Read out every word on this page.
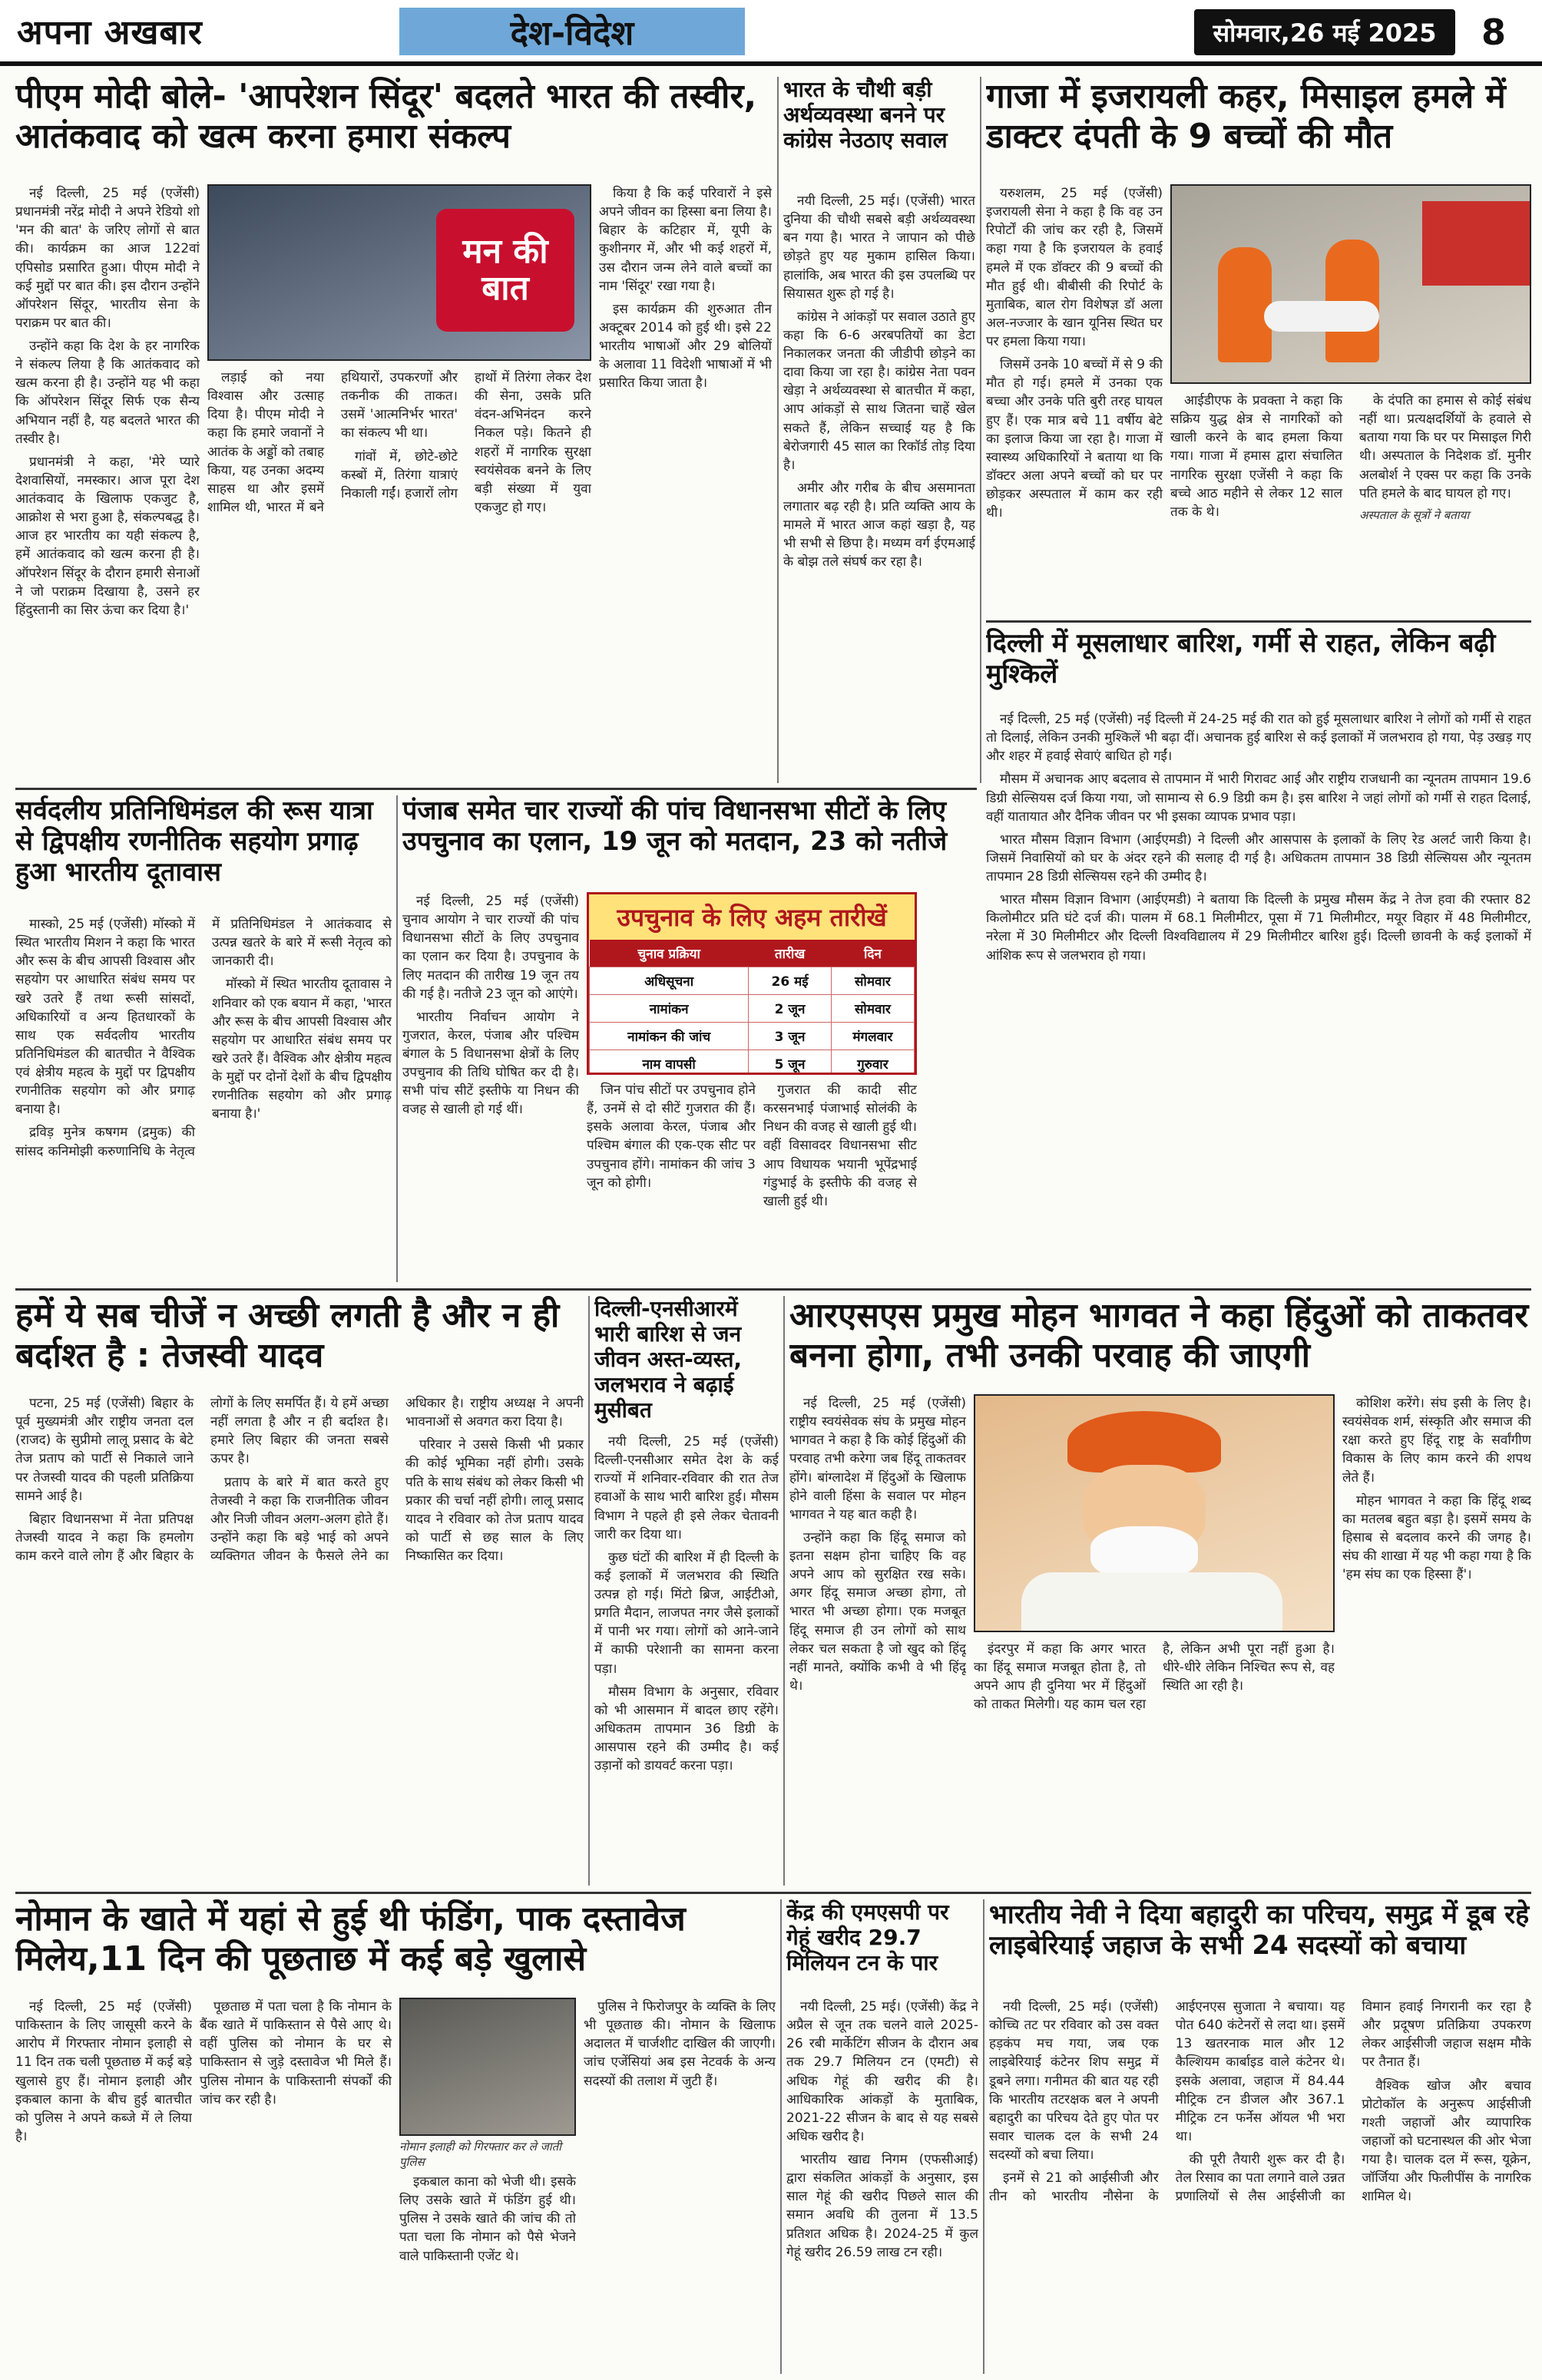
अपना अखबार	देश-विदेश	सोमवार,26 मई 2025	8
पीएम मोदी बोले- 'आपरेशन सिंदूर' बदलते भारत की तस्वीर, आतंकवाद को खत्म करना हमारा संकल्प
मन की बात

नई दिल्ली, 25 मई (एजेंसी) प्रधानमंत्री नरेंद्र मोदी ने अपने रेडियो शो 'मन की बात' के जरिए लोगों से बात की। कार्यक्रम का आज 122वां एपिसोड प्रसारित हुआ। पीएम मोदी ने कई मुद्दों पर बात की। इस दौरान उन्होंने ऑपरेशन सिंदूर, भारतीय सेना के पराक्रम पर बात की।

उन्होंने कहा कि देश के हर नागरिक ने संकल्प लिया है कि आतंकवाद को खत्म करना ही है। उन्होंने यह भी कहा कि ऑपरेशन सिंदूर सिर्फ एक सैन्य अभियान नहीं है, यह बदलते भारत की तस्वीर है।

प्रधानमंत्री ने कहा, 'मेरे प्यारे देशवासियों, नमस्कार। आज पूरा देश आतंकवाद के खिलाफ एकजुट है, आक्रोश से भरा हुआ है, संकल्पबद्ध है। आज हर भारतीय का यही संकल्प है, हमें आतंकवाद को खत्म करना ही है। ऑपरेशन सिंदूर के दौरान हमारी सेनाओं ने जो पराक्रम दिखाया है, उसने हर हिंदुस्तानी का सिर ऊंचा कर दिया है।'

लड़ाई को नया विश्वास और उत्साह दिया है। पीएम मोदी ने कहा कि हमारे जवानों ने आतंक के अड्डों को तबाह किया, यह उनका अदम्य साहस था और इसमें शामिल थी, भारत में बने हथियारों, उपकरणों और तकनीक की ताकत। उसमें 'आत्मनिर्भर भारत' का संकल्प भी था।

गांवों में, छोटे-छोटे कस्बों में, तिरंगा यात्राएं निकाली गईं। हजारों लोग हाथों में तिरंगा लेकर देश की सेना, उसके प्रति वंदन-अभिनंदन करने निकल पड़े। कितने ही शहरों में नागरिक सुरक्षा स्वयंसेवक बनने के लिए बड़ी संख्या में युवा एकजुट हो गए।

किया है कि कई परिवारों ने इसे अपने जीवन का हिस्सा बना लिया है। बिहार के कटिहार में, यूपी के कुशीनगर में, और भी कई शहरों में, उस दौरान जन्म लेने वाले बच्चों का नाम 'सिंदूर' रखा गया है।

इस कार्यक्रम की शुरुआत तीन अक्टूबर 2014 को हुई थी। इसे 22 भारतीय भाषाओं और 29 बोलियों के अलावा 11 विदेशी भाषाओं में भी प्रसारित किया जाता है।

भारत के चौथी बड़ी अर्थव्यवस्था बनने पर कांग्रेस नेउठाए सवाल

नयी दिल्ली, 25 मई। (एजेंसी) भारत दुनिया की चौथी सबसे बड़ी अर्थव्यवस्था बन गया है। भारत ने जापान को पीछे छोड़ते हुए यह मुकाम हासिल किया। हालांकि, अब भारत की इस उपलब्धि पर सियासत शुरू हो गई है।

कांग्रेस ने आंकड़ों पर सवाल उठाते हुए कहा कि 6-6 अरबपतियों का डेटा निकालकर जनता की जीडीपी छोड़ने का दावा किया जा रहा है। कांग्रेस नेता पवन खेड़ा ने अर्थव्यवस्था से बातचीत में कहा, आप आंकड़ों से साथ जितना चाहें खेल सकते हैं, लेकिन सच्चाई यह है कि बेरोजगारी 45 साल का रिकॉर्ड तोड़ दिया है।

अमीर और गरीब के बीच असमानता लगातार बढ़ रही है। प्रति व्यक्ति आय के मामले में भारत आज कहां खड़ा है, यह भी सभी से छिपा है। मध्यम वर्ग ईएमआई के बोझ तले संघर्ष कर रहा है।

गाजा में इजरायली कहर, मिसाइल हमले में डाक्टर दंपती के 9 बच्चों की मौत

यरुशलम, 25 मई (एजेंसी) इजरायली सेना ने कहा है कि वह उन रिपोर्टों की जांच कर रही है, जिसमें कहा गया है कि इजरायल के हवाई हमले में एक डॉक्टर की 9 बच्चों की मौत हुई थी। बीबीसी की रिपोर्ट के मुताबिक, बाल रोग विशेषज्ञ डॉ अला अल-नज्जार के खान यूनिस स्थित घर पर हमला किया गया।

जिसमें उनके 10 बच्चों में से 9 की मौत हो गई। हमले में उनका एक बच्चा और उनके पति बुरी तरह घायल हुए हैं। एक मात्र बचे 11 वर्षीय बेटे का इलाज किया जा रहा है। गाजा में स्वास्थ्य अधिकारियों ने बताया था कि डॉक्टर अला अपने बच्चों को घर पर छोड़कर अस्पताल में काम कर रही थी।

आईडीएफ के प्रवक्ता ने कहा कि सक्रिय युद्ध क्षेत्र से नागरिकों को खाली करने के बाद हमला किया गया। गाजा में हमास द्वारा संचालित नागरिक सुरक्षा एजेंसी ने कहा कि बच्चे आठ महीने से लेकर 12 साल तक के थे।

के दंपति का हमास से कोई संबंध नहीं था। प्रत्यक्षदर्शियों के हवाले से बताया गया कि घर पर मिसाइल गिरी थी। अस्पताल के निदेशक डॉ. मुनीर अलबोर्श ने एक्स पर कहा कि उनके पति हमले के बाद घायल हो गए।

अस्पताल के सूत्रों ने बताया
दिल्ली में मूसलाधार बारिश, गर्मी से राहत, लेकिन बढ़ी मुश्किलें

नई दिल्ली, 25 मई (एजेंसी) नई दिल्ली में 24-25 मई की रात को हुई मूसलाधार बारिश ने लोगों को गर्मी से राहत तो दिलाई, लेकिन उनकी मुश्किलें भी बढ़ा दीं। अचानक हुई बारिश से कई इलाकों में जलभराव हो गया, पेड़ उखड़ गए और शहर में हवाई सेवाएं बाधित हो गईं।

मौसम में अचानक आए बदलाव से तापमान में भारी गिरावट आई और राष्ट्रीय राजधानी का न्यूनतम तापमान 19.6 डिग्री सेल्सियस दर्ज किया गया, जो सामान्य से 6.9 डिग्री कम है। इस बारिश ने जहां लोगों को गर्मी से राहत दिलाई, वहीं यातायात और दैनिक जीवन पर भी इसका व्यापक प्रभाव पड़ा।

भारत मौसम विज्ञान विभाग (आईएमडी) ने दिल्ली और आसपास के इलाकों के लिए रेड अलर्ट जारी किया है। जिसमें निवासियों को घर के अंदर रहने की सलाह दी गई है। अधिकतम तापमान 38 डिग्री सेल्सियस और न्यूनतम तापमान 28 डिग्री सेल्सियस रहने की उम्मीद है।

भारत मौसम विज्ञान विभाग (आईएमडी) ने बताया कि दिल्ली के प्रमुख मौसम केंद्र ने तेज हवा की रफ्तार 82 किलोमीटर प्रति घंटे दर्ज की। पालम में 68.1 मिलीमीटर, पूसा में 71 मिलीमीटर, मयूर विहार में 48 मिलीमीटर, नरेला में 30 मिलीमीटर और दिल्ली विश्वविद्यालय में 29 मिलीमीटर बारिश हुई। दिल्ली छावनी के कई इलाकों में आंशिक रूप से जलभराव हो गया।

सर्वदलीय प्रतिनिधिमंडल की रूस यात्रा से द्विपक्षीय रणनीतिक सहयोग प्रगाढ़ हुआ भारतीय दूतावास

मास्को, 25 मई (एजेंसी) मॉस्को में स्थित भारतीय मिशन ने कहा कि भारत और रूस के बीच आपसी विश्वास और सहयोग पर आधारित संबंध समय पर खरे उतरे हैं तथा रूसी सांसदों, अधिकारियों व अन्य हितधारकों के साथ एक सर्वदलीय भारतीय प्रतिनिधिमंडल की बातचीत ने वैश्विक एवं क्षेत्रीय महत्व के मुद्दों पर द्विपक्षीय रणनीतिक सहयोग को और प्रगाढ़ बनाया है।

द्रविड़ मुनेत्र कषगम (द्रमुक) की सांसद कनिमोझी करुणानिधि के नेतृत्व में प्रतिनिधिमंडल ने आतंकवाद से उत्पन्न खतरे के बारे में रूसी नेतृत्व को जानकारी दी।

मॉस्को में स्थित भारतीय दूतावास ने शनिवार को एक बयान में कहा, 'भारत और रूस के बीच आपसी विश्वास और सहयोग पर आधारित संबंध समय पर खरे उतरे हैं। वैश्विक और क्षेत्रीय महत्व के मुद्दों पर दोनों देशों के बीच द्विपक्षीय रणनीतिक सहयोग को और प्रगाढ़ बनाया है।'

पंजाब समेत चार राज्यों की पांच विधानसभा सीटों के लिए उपचुनाव का एलान, 19 जून को मतदान, 23 को नतीजे

नई दिल्ली, 25 मई (एजेंसी) चुनाव आयोग ने चार राज्यों की पांच विधानसभा सीटों के लिए उपचुनाव का एलान कर दिया है। उपचुनाव के लिए मतदान की तारीख 19 जून तय की गई है। नतीजे 23 जून को आएंगे।

भारतीय निर्वाचन आयोग ने गुजरात, केरल, पंजाब और पश्चिम बंगाल के 5 विधानसभा क्षेत्रों के लिए उपचुनाव की तिथि घोषित कर दी है। सभी पांच सीटें इस्तीफे या निधन की वजह से खाली हो गई थीं।

उपचुनाव के लिए अहम तारीखें
चुनाव प्रक्रिया	तारीख	दिन
अधिसूचना	26 मई	सोमवार
नामांकन	2 जून	सोमवार
नामांकन की जांच	3 जून	मंगलवार
नाम वापसी	5 जून	गुरुवार

जिन पांच सीटों पर उपचुनाव होने हैं, उनमें से दो सीटें गुजरात की हैं। इसके अलावा केरल, पंजाब और पश्चिम बंगाल की एक-एक सीट पर उपचुनाव होंगे। नामांकन की जांच 3 जून को होगी।

गुजरात की कादी सीट करसनभाई पंजाभाई सोलंकी के निधन की वजह से खाली हुई थी। वहीं विसावदर विधानसभा सीट आप विधायक भयानी भूपेंद्रभाई गंडुभाई के इस्तीफे की वजह से खाली हुई थी।

हमें ये सब चीजें न अच्छी लगती है और न ही बर्दाश्त है : तेजस्वी यादव

पटना, 25 मई (एजेंसी) बिहार के पूर्व मुख्यमंत्री और राष्ट्रीय जनता दल (राजद) के सुप्रीमो लालू प्रसाद के बेटे तेज प्रताप को पार्टी से निकाले जाने पर तेजस्वी यादव की पहली प्रतिक्रिया सामने आई है।

बिहार विधानसभा में नेता प्रतिपक्ष तेजस्वी यादव ने कहा कि हमलोग काम करने वाले लोग हैं और बिहार के लोगों के लिए समर्पित हैं। ये हमें अच्छा नहीं लगता है और न ही बर्दाश्त है। हमारे लिए बिहार की जनता सबसे ऊपर है।

प्रताप के बारे में बात करते हुए तेजस्वी ने कहा कि राजनीतिक जीवन और निजी जीवन अलग-अलग होते हैं। उन्होंने कहा कि बड़े भाई को अपने व्यक्तिगत जीवन के फैसले लेने का अधिकार है। राष्ट्रीय अध्यक्ष ने अपनी भावनाओं से अवगत करा दिया है।

परिवार ने उससे किसी भी प्रकार की कोई भूमिका नहीं होगी। उसके पति के साथ संबंध को लेकर किसी भी प्रकार की चर्चा नहीं होगी। लालू प्रसाद यादव ने रविवार को तेज प्रताप यादव को पार्टी से छह साल के लिए निष्कासित कर दिया।

दिल्ली-एनसीआरमें भारी बारिश से जन जीवन अस्त-व्यस्त, जलभराव ने बढ़ाई मुसीबत

नयी दिल्ली, 25 मई (एजेंसी) दिल्ली-एनसीआर समेत देश के कई राज्यों में शनिवार-रविवार की रात तेज हवाओं के साथ भारी बारिश हुई। मौसम विभाग ने पहले ही इसे लेकर चेतावनी जारी कर दिया था।

कुछ घंटों की बारिश में ही दिल्ली के कई इलाकों में जलभराव की स्थिति उत्पन्न हो गई। मिंटो ब्रिज, आईटीओ, प्रगति मैदान, लाजपत नगर जैसे इलाकों में पानी भर गया। लोगों को आने-जाने में काफी परेशानी का सामना करना पड़ा।

मौसम विभाग के अनुसार, रविवार को भी आसमान में बादल छाए रहेंगे। अधिकतम तापमान 36 डिग्री के आसपास रहने की उम्मीद है। कई उड़ानों को डायवर्ट करना पड़ा।

आरएसएस प्रमुख मोहन भागवत ने कहा हिंदुओं को ताकतवर बनना होगा, तभी उनकी परवाह की जाएगी

नई दिल्ली, 25 मई (एजेंसी) राष्ट्रीय स्वयंसेवक संघ के प्रमुख मोहन भागवत ने कहा है कि कोई हिंदुओं की परवाह तभी करेगा जब हिंदू ताकतवर होंगे। बांग्लादेश में हिंदुओं के खिलाफ होने वाली हिंसा के सवाल पर मोहन भागवत ने यह बात कही है।

उन्होंने कहा कि हिंदू समाज को इतना सक्षम होना चाहिए कि वह अपने आप को सुरक्षित रख सके। अगर हिंदू समाज अच्छा होगा, तो भारत भी अच्छा होगा। एक मजबूत हिंदू समाज ही उन लोगों को साथ लेकर चल सकता है जो खुद को हिंदू नहीं मानते, क्योंकि कभी वे भी हिंदू थे।

इंदरपुर में कहा कि अगर भारत का हिंदू समाज मजबूत होता है, तो अपने आप ही दुनिया भर में हिंदुओं को ताकत मिलेगी। यह काम चल रहा है, लेकिन अभी पूरा नहीं हुआ है। धीरे-धीरे लेकिन निश्चित रूप से, वह स्थिति आ रही है।

कोशिश करेंगे। संघ इसी के लिए है। स्वयंसेवक शर्म, संस्कृति और समाज की रक्षा करते हुए हिंदू राष्ट्र के सर्वांगीण विकास के लिए काम करने की शपथ लेते हैं।

मोहन भागवत ने कहा कि हिंदू शब्द का मतलब बहुत बड़ा है। इसमें समय के हिसाब से बदलाव करने की जगह है। संघ की शाखा में यह भी कहा गया है कि 'हम संघ का एक हिस्सा हैं'।

नोमान के खाते में यहां से हुई थी फंडिंग, पाक दस्तावेज मिलेय,11 दिन की पूछताछ में कई बड़े खुलासे

नई दिल्ली, 25 मई (एजेंसी) पाकिस्तान के लिए जासूसी करने के आरोप में गिरफ्तार नोमान इलाही से 11 दिन तक चली पूछताछ में कई बड़े खुलासे हुए हैं। नोमान इलाही और इकबाल काना के बीच हुई बातचीत को पुलिस ने अपने कब्जे में ले लिया है।

पूछताछ में पता चला है कि नोमान के बैंक खाते में पाकिस्तान से पैसे आए थे। वहीं पुलिस को नोमान के घर से पाकिस्तान से जुड़े दस्तावेज भी मिले हैं। पुलिस नोमान के पाकिस्तानी संपर्कों की जांच कर रही है।

नोमान इलाही को गिरफ्तार कर ले जाती पुलिस

इकबाल काना को भेजी थी। इसके लिए उसके खाते में फंडिंग हुई थी। पुलिस ने उसके खाते की जांच की तो पता चला कि नोमान को पैसे भेजने वाले पाकिस्तानी एजेंट थे।

पुलिस ने फिरोजपुर के व्यक्ति के लिए भी पूछताछ की। नोमान के खिलाफ अदालत में चार्जशीट दाखिल की जाएगी। जांच एजेंसियां अब इस नेटवर्क के अन्य सदस्यों की तलाश में जुटी हैं।

केंद्र की एमएसपी पर गेहूं खरीद 29.7 मिलियन टन के पार

नयी दिल्ली, 25 मई। (एजेंसी) केंद्र ने अप्रैल से जून तक चलने वाले 2025-26 रबी मार्केटिंग सीजन के दौरान अब तक 29.7 मिलियन टन (एमटी) से अधिक गेहूं की खरीद की है। आधिकारिक आंकड़ों के मुताबिक, 2021-22 सीजन के बाद से यह सबसे अधिक खरीद है।

भारतीय खाद्य निगम (एफसीआई) द्वारा संकलित आंकड़ों के अनुसार, इस साल गेहूं की खरीद पिछले साल की समान अवधि की तुलना में 13.5 प्रतिशत अधिक है। 2024-25 में कुल गेहूं खरीद 26.59 लाख टन रही।

भारतीय नेवी ने दिया बहादुरी का परिचय, समुद्र में डूब रहे लाइबेरियाई जहाज के सभी 24 सदस्यों को बचाया

नयी दिल्ली, 25 मई। (एजेंसी) कोच्चि तट पर रविवार को उस वक्त हड़कंप मच गया, जब एक लाइबेरियाई कंटेनर शिप समुद्र में डूबने लगा। गनीमत की बात यह रही कि भारतीय तटरक्षक बल ने अपनी बहादुरी का परिचय देते हुए पोत पर सवार चालक दल के सभी 24 सदस्यों को बचा लिया।

इनमें से 21 को आईसीजी और तीन को भारतीय नौसेना के आईएनएस सुजाता ने बचाया। यह पोत 640 कंटेनरों से लदा था। इसमें 13 खतरनाक माल और 12 कैल्शियम कार्बाइड वाले कंटेनर थे। इसके अलावा, जहाज में 84.44 मीट्रिक टन डीजल और 367.1 मीट्रिक टन फर्नेस ऑयल भी भरा था।

की पूरी तैयारी शुरू कर दी है। तेल रिसाव का पता लगाने वाले उन्नत प्रणालियों से लैस आईसीजी का विमान हवाई निगरानी कर रहा है और प्रदूषण प्रतिक्रिया उपकरण लेकर आईसीजी जहाज सक्षम मौके पर तैनात हैं।

वैश्विक खोज और बचाव प्रोटोकॉल के अनुरूप आईसीजी गश्ती जहाजों और व्यापारिक जहाजों को घटनास्थल की ओर भेजा गया है। चालक दल में रूस, यूक्रेन, जॉर्जिया और फिलीपींस के नागरिक शामिल थे।
